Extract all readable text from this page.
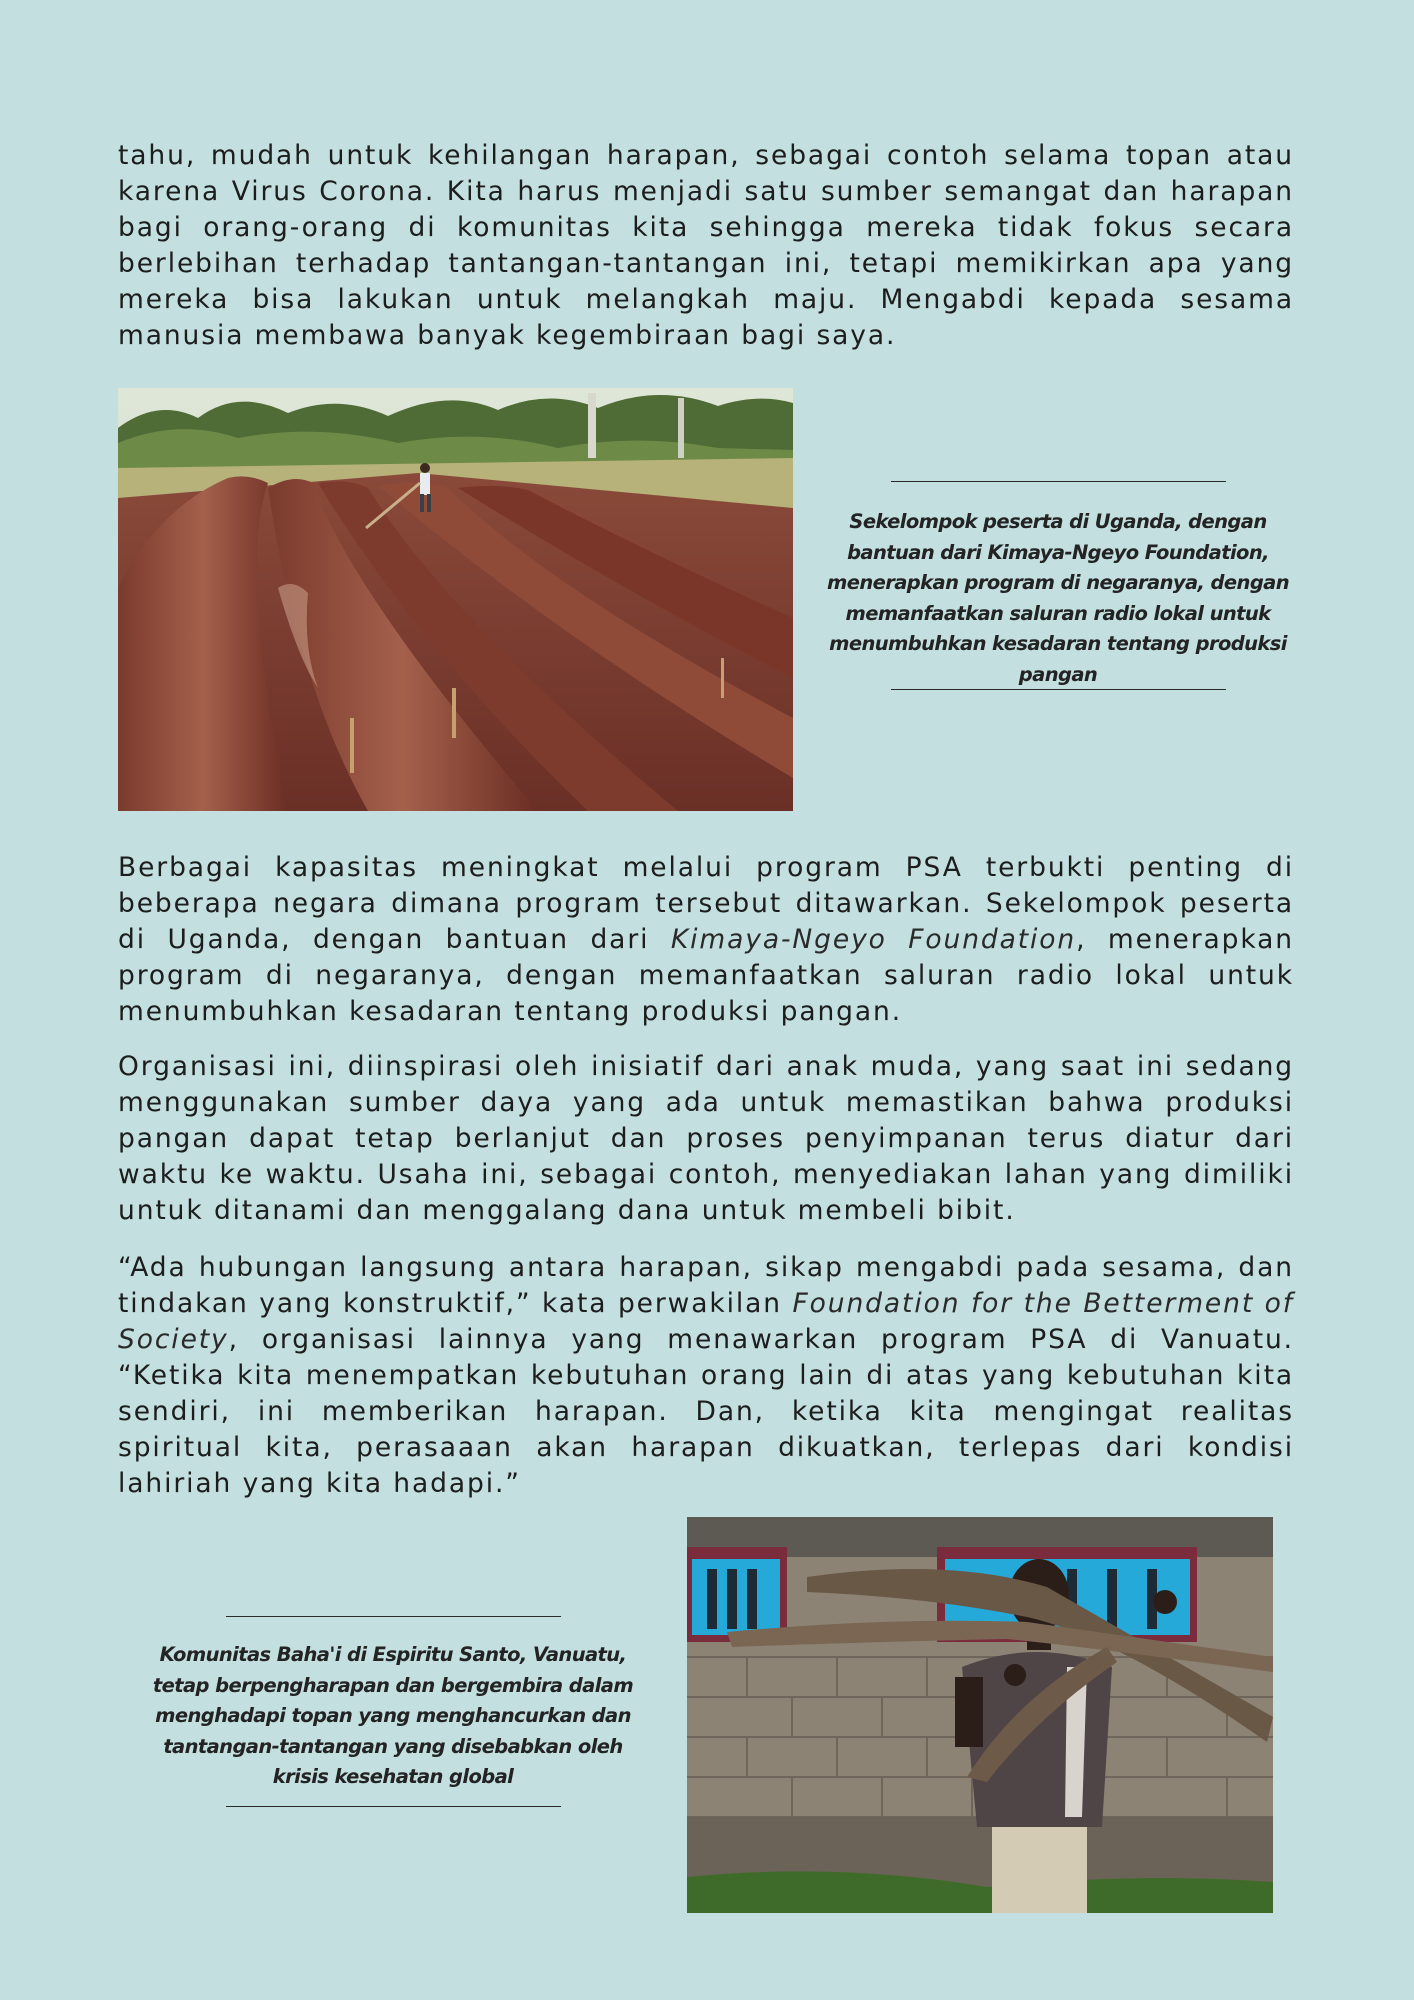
tahu, mudah untuk kehilangan harapan, sebagai contoh selama topan atau karena Virus Corona. Kita harus menjadi satu sumber semangat dan harapan bagi orang-orang di komunitas kita sehingga mereka tidak fokus secara berlebihan terhadap tantangan-tantangan ini, tetapi memikirkan apa yang mereka bisa lakukan untuk melangkah maju. Mengabdi kepada sesama manusia membawa banyak kegembiraan bagi saya.

Sekelompok peserta di Uganda, dengan bantuan dari Kimaya-Ngeyo Foundation, menerapkan program di negaranya, dengan memanfaatkan saluran radio lokal untuk menumbuhkan kesadaran tentang produksi pangan

Berbagai kapasitas meningkat melalui program PSA terbukti penting di beberapa negara dimana program tersebut ditawarkan. Sekelompok peserta di Uganda, dengan bantuan dari Kimaya-Ngeyo Foundation, menerapkan program di negaranya, dengan memanfaatkan saluran radio lokal untuk menumbuhkan kesadaran tentang produksi pangan.

Organisasi ini, diinspirasi oleh inisiatif dari anak muda, yang saat ini sedang menggunakan sumber daya yang ada untuk memastikan bahwa produksi pangan dapat tetap berlanjut dan proses penyimpanan terus diatur dari waktu ke waktu. Usaha ini, sebagai contoh, menyediakan lahan yang dimiliki untuk ditanami dan menggalang dana untuk membeli bibit.

“Ada hubungan langsung antara harapan, sikap mengabdi pada sesama, dan tindakan yang konstruktif,” kata perwakilan Foundation for the Betterment of Society, organisasi lainnya yang menawarkan program PSA di Vanuatu. “Ketika kita menempatkan kebutuhan orang lain di atas yang kebutuhan kita sendiri, ini memberikan harapan. Dan, ketika kita mengingat realitas spiritual kita, perasaaan akan harapan dikuatkan, terlepas dari kondisi lahiriah yang kita hadapi.”

Komunitas Baha'i di Espiritu Santo, Vanuatu, tetap berpengharapan dan bergembira dalam menghadapi topan yang menghancurkan dan tantangan-tantangan yang disebabkan oleh krisis kesehatan global
